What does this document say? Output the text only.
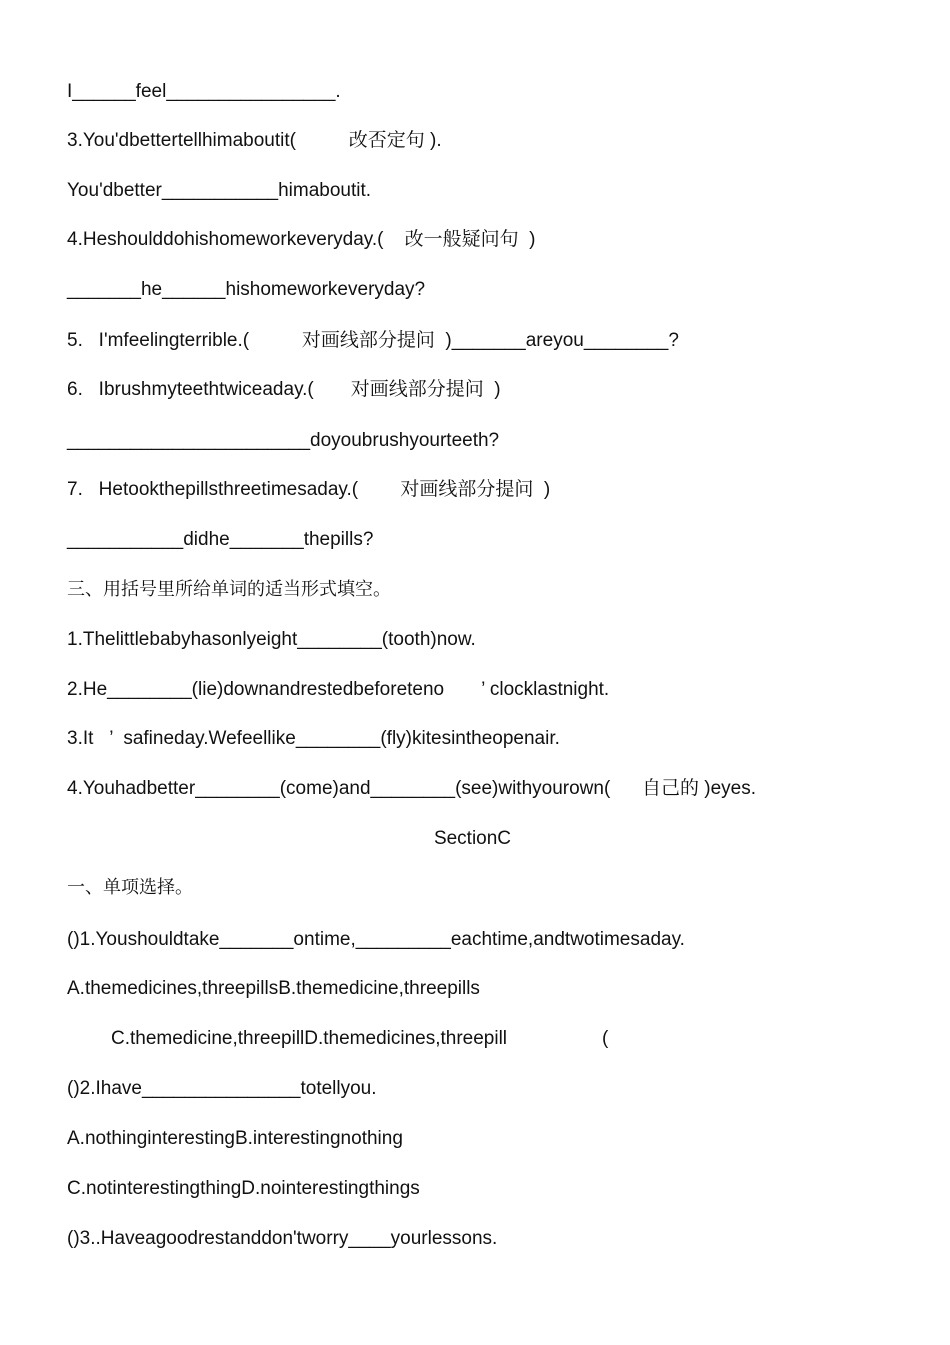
I______feel________________.
3.You'dbettertellhimaboutit(          改否定句 ).
You'dbetter___________himaboutit.
4.Heshoulddohishomeworkeveryday.(    改一般疑问句  )
_______he______hishomeworkeveryday?
5.   I'mfeelingterrible.(          对画线部分提问  )_______areyou________?
6.   Ibrushmyteethtwiceaday.(       对画线部分提问  )
_______________________doyoubrushyourteeth?
7.   Hetookthepillsthreetimesaday.(        对画线部分提问  )
___________didhe_______thepills?
三、用括号里所给单词的适当形式填空。
1.Thelittlebabyhasonlyeight________(tooth)now.
2.He________(lie)downandrestedbeforeteno       ’ clocklastnight.
3.It   ’  safineday.Wefeellike________(fly)kitesintheopenair.
4.Youhadbetter________(come)and________(see)withyourown(      自己的 )eyes.
SectionC
一、单项选择。
()1.Youshouldtake_______ontime,_________eachtime,andtwotimesaday.
A.themedicines,threepillsB.themedicine,threepills
C.themedicine,threepillD.themedicines,threepill                  (
()2.Ihave_______________totellyou.
A.nothinginterestingB.interestingnothing
C.notinterestingthingD.nointerestingthings
()3..Haveagoodrestanddon'tworry____yourlessons.
